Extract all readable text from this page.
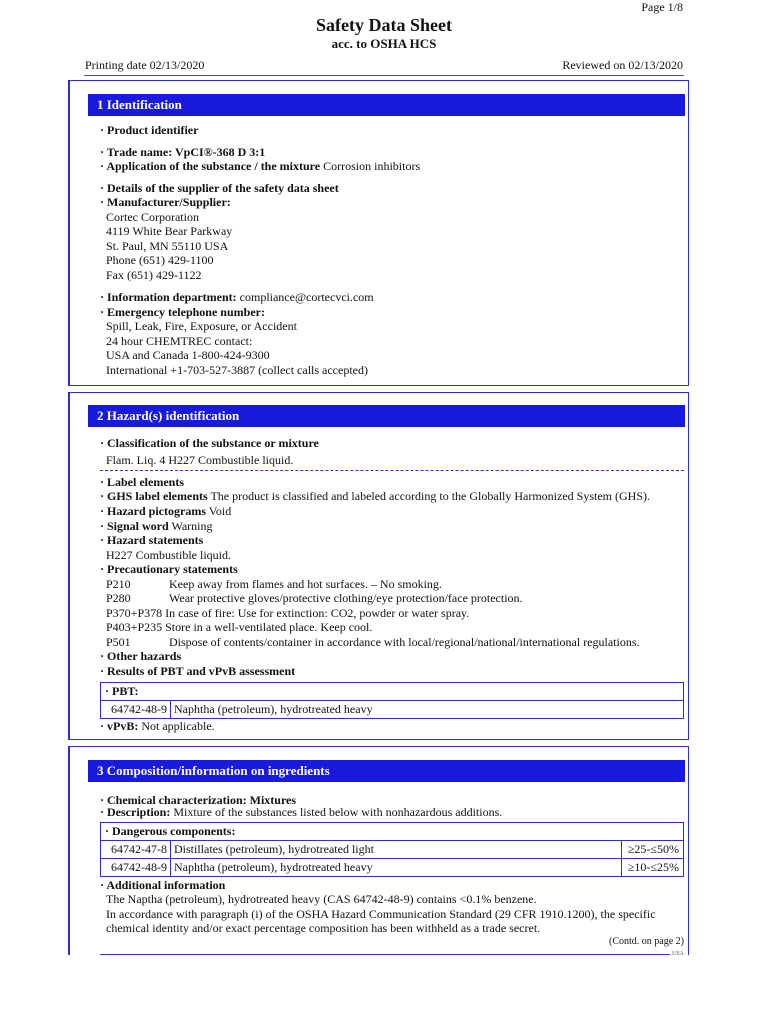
Page 1/8
Safety Data Sheet
acc. to OSHA HCS
Printing date 02/13/2020	Reviewed on 02/13/2020
1 Identification
· Product identifier
· Trade name: VpCI®-368 D 3:1
· Application of the substance / the mixture Corrosion inhibitors
· Details of the supplier of the safety data sheet
· Manufacturer/Supplier:
Cortec Corporation
4119 White Bear Parkway
St. Paul, MN 55110 USA
Phone (651) 429-1100
Fax (651) 429-1122
· Information department: compliance@cortecvci.com
· Emergency telephone number:
Spill, Leak, Fire, Exposure, or Accident
24 hour CHEMTREC contact:
USA and Canada 1-800-424-9300
International +1-703-527-3887 (collect calls accepted)
2 Hazard(s) identification
· Classification of the substance or mixture
Flam. Liq. 4 H227 Combustible liquid.
· Label elements
· GHS label elements The product is classified and labeled according to the Globally Harmonized System (GHS).
· Hazard pictograms Void
· Signal word Warning
· Hazard statements
H227 Combustible liquid.
· Precautionary statements
P210	Keep away from flames and hot surfaces. – No smoking.
P280	Wear protective gloves/protective clothing/eye protection/face protection.
P370+P378 In case of fire: Use for extinction: CO2, powder or water spray.
P403+P235 Store in a well-ventilated place. Keep cool.
P501	Dispose of contents/container in accordance with local/regional/national/international regulations.
· Other hazards
· Results of PBT and vPvB assessment
· PBT:
64742-48-9 Naphtha (petroleum), hydrotreated heavy
· vPvB: Not applicable.
3 Composition/information on ingredients
· Chemical characterization: Mixtures
· Description: Mixture of the substances listed below with nonhazardous additions.
· Dangerous components:
64742-47-8 Distillates (petroleum), hydrotreated light	≥25-≤50%
64742-48-9 Naphtha (petroleum), hydrotreated heavy	≥10-≤25%
· Additional information
The Naptha (petroleum), hydrotreated heavy (CAS 64742-48-9) contains <0.1% benzene.
In accordance with paragraph (i) of the OSHA Hazard Communication Standard (29 CFR 1910.1200), the specific
chemical identity and/or exact percentage composition has been withheld as a trade secret.
(Contd. on page 2)
USA
